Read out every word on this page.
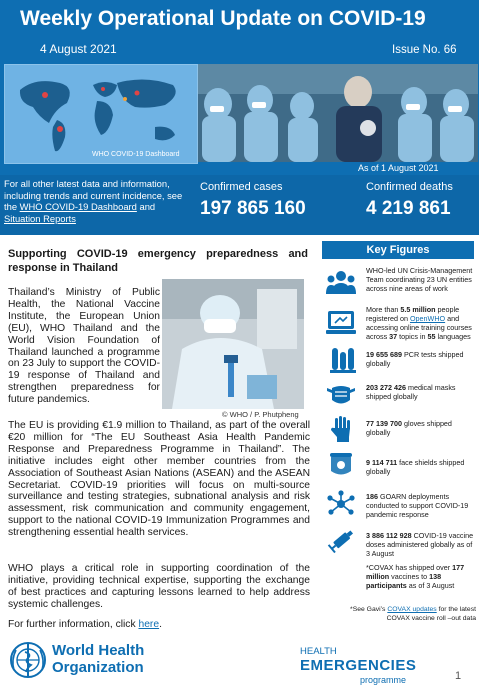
Weekly Operational Update on COVID-19
4 August 2021	Issue No. 66
WHO COVID-19 Dashboard
As of 1 August 2021
For all other latest data and information, including trends and current incidence, see the WHO COVID-19 Dashboard and Situation Reports
Confirmed cases
197 865 160
Confirmed deaths
4 219 861
Supporting COVID-19 emergency preparedness and response in Thailand
Thailand’s Ministry of Public Health, the National Vaccine Institute, the European Union (EU), WHO Thailand and the World Vision Foundation of Thailand launched a programme on 23 July to support the COVID-19 response of Thailand and strengthen preparedness for future pandemics.
© WHO / P. Phutpheng
The EU is providing €1.9 million to Thailand, as part of the overall €20 million for “The EU Southeast Asia Health Pandemic Response and Preparedness Programme in Thailand”. The initiative includes eight other member countries from the Association of Southeast Asian Nations (ASEAN) and the ASEAN Secretariat. COVID-19 priorities will focus on multi-source surveillance and testing strategies, subnational analysis and risk assessment, risk communication and community engagement, support to the national COVID-19 Immunization Programmes and strengthening essential health services.
WHO plays a critical role in supporting coordination of the initiative, providing technical expertise, supporting the exchange of best practices and capturing lessons learned to help address systemic challenges.
For further information, click here.
Key Figures
WHO-led UN Crisis-Management Team coordinating 23 UN entities across nine areas of work
More than 5.5 million people registered on OpenWHO and accessing online training courses across 37 topics in 55 languages
19 655 689 PCR tests shipped globally
203 272 426 medical masks shipped globally
77 139 700 gloves shipped globally
9 114 711 face shields shipped globally
186 GOARN deployments conducted to support COVID-19 pandemic response
3 886 112 928 COVID-19 vaccine doses administered globally as of 3 August
*COVAX has shipped over 177 million vaccines to 138 participants as of 3 August
*See Gavi’s COVAX updates for the latest COVAX vaccine roll –out data
World Health
Organization
HEALTH
EMERGENCIES
programme	1
